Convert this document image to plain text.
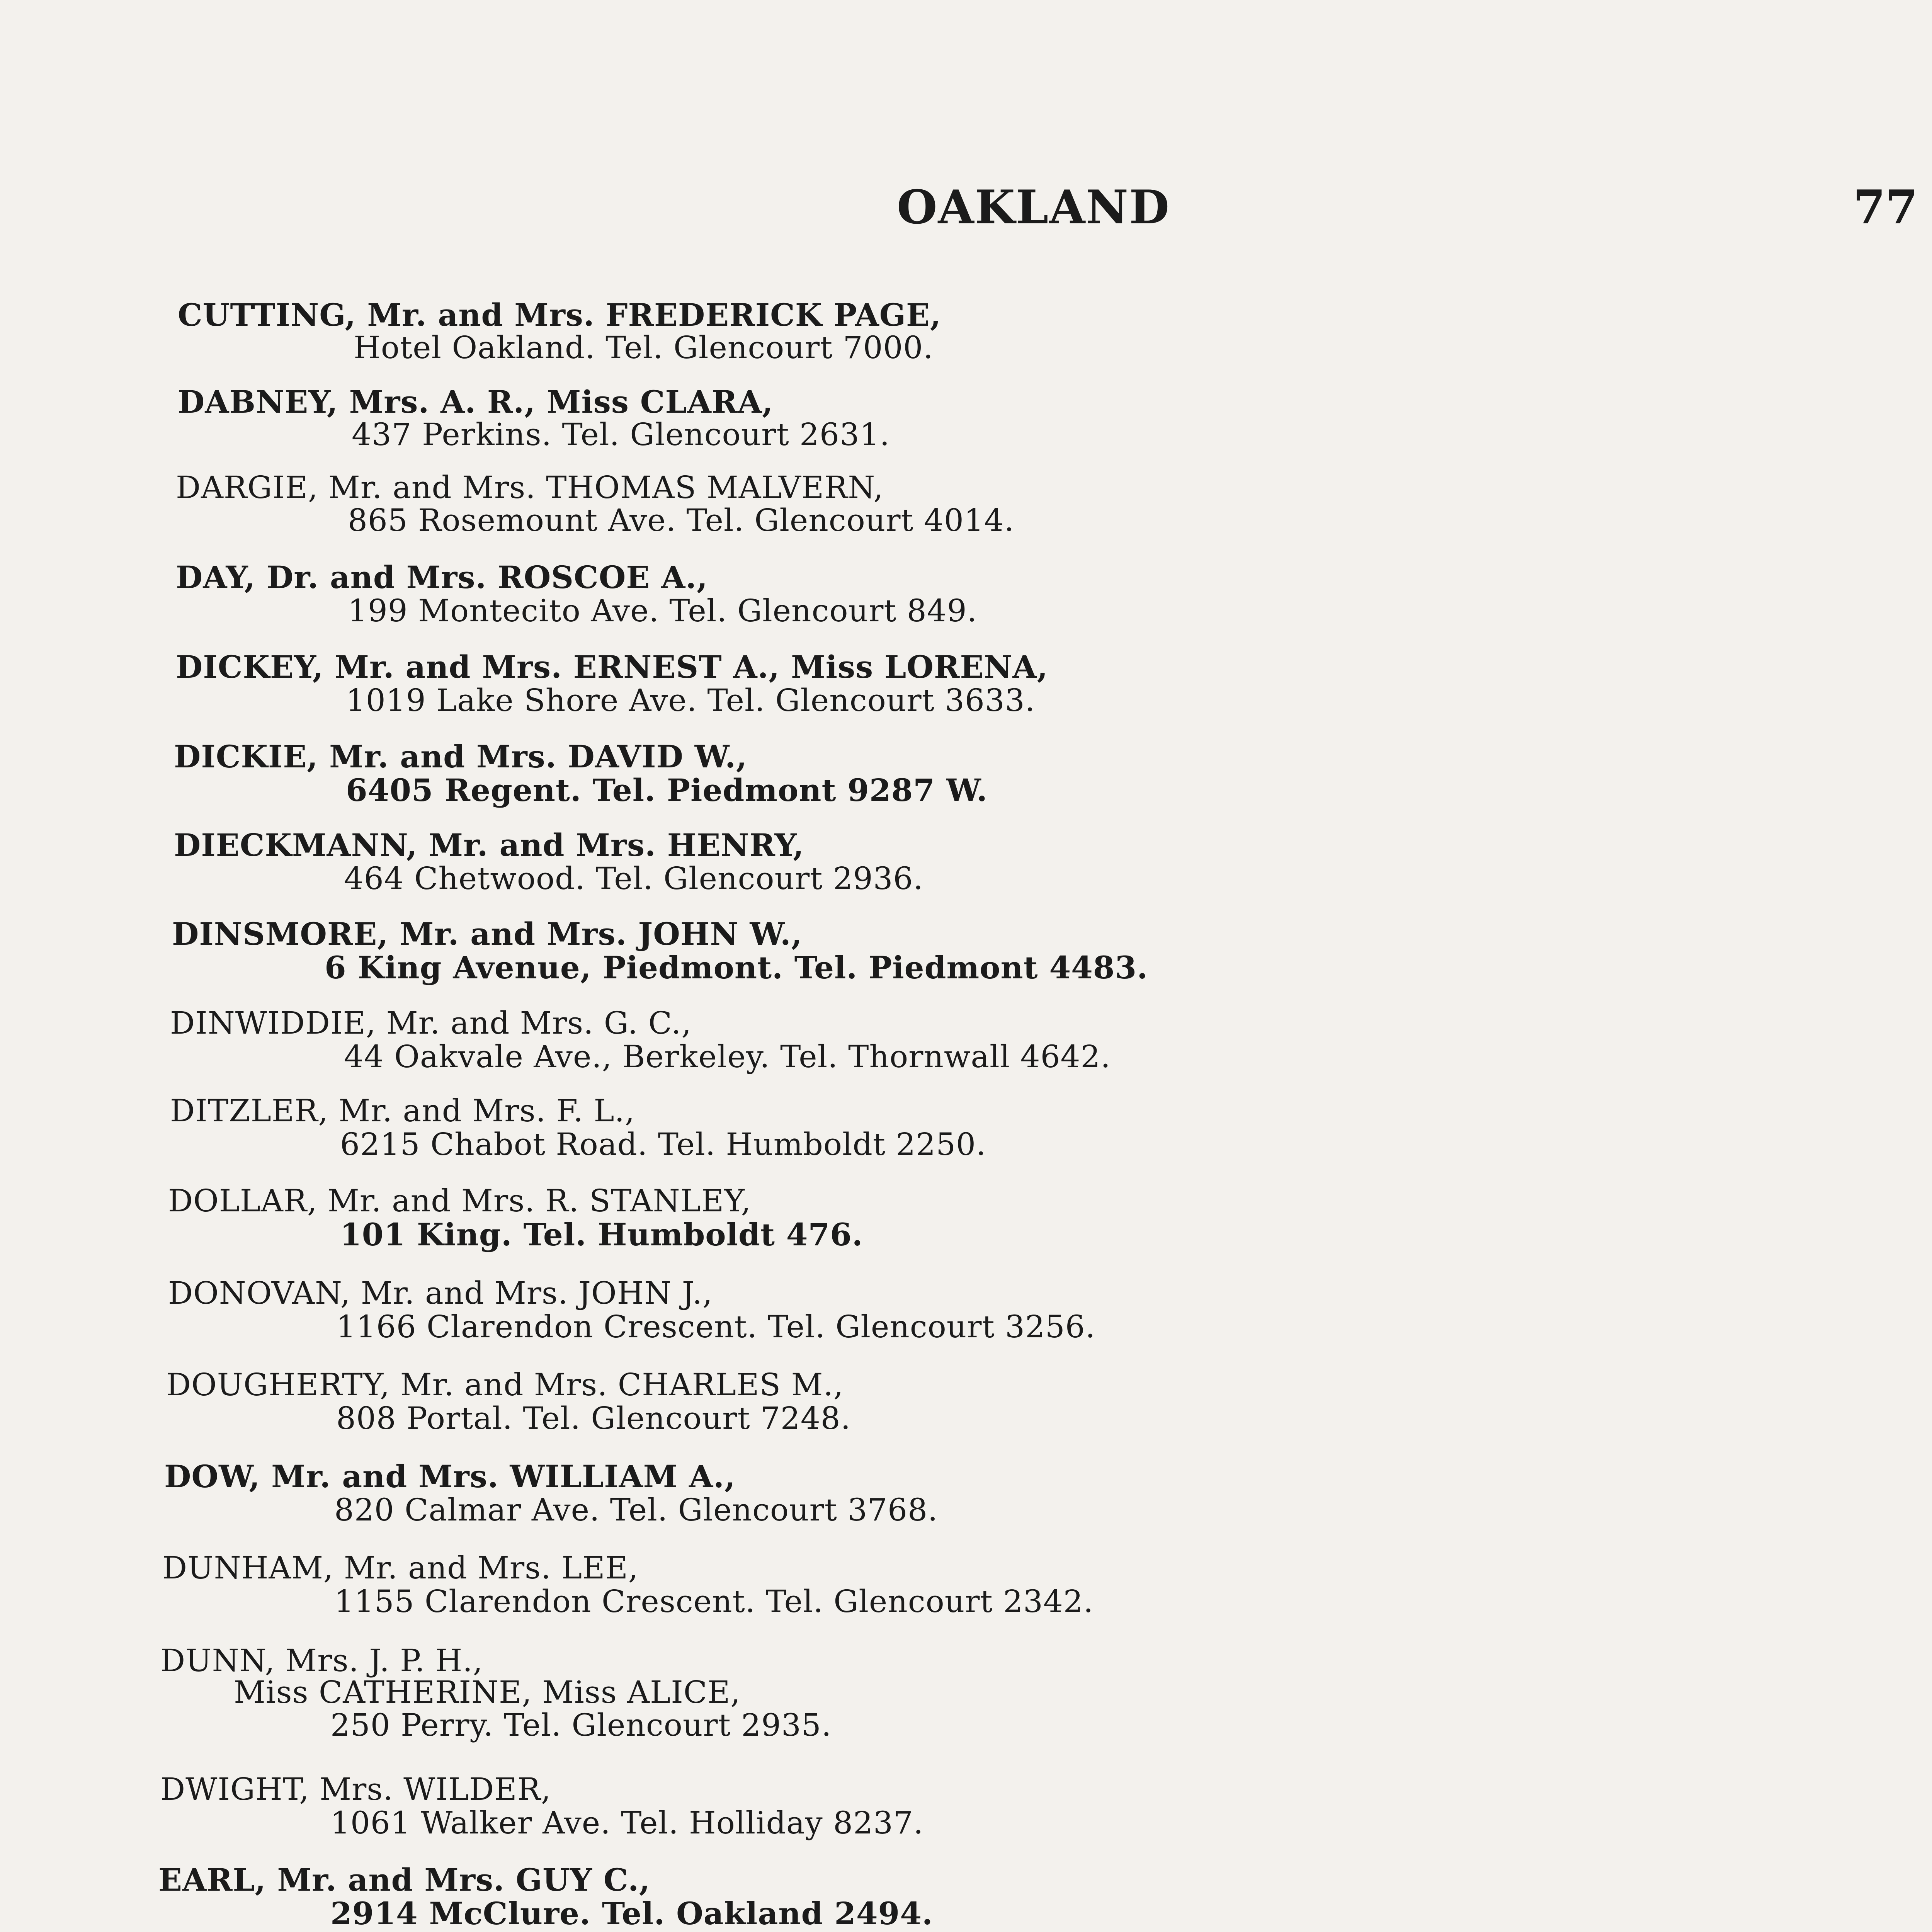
OAKLAND	77
CUTTING, Mr. and Mrs. FREDERICK PAGE,
Hotel Oakland. Tel. Glencourt 7000.
DABNEY, Mrs. A. R., Miss CLARA,
437 Perkins. Tel. Glencourt 2631.
DARGIE, Mr. and Mrs. THOMAS MALVERN,
865 Rosemount Ave. Tel. Glencourt 4014.
DAY, Dr. and Mrs. ROSCOE A.,
199 Montecito Ave. Tel. Glencourt 849.
DICKEY, Mr. and Mrs. ERNEST A., Miss LORENA,
1019 Lake Shore Ave. Tel. Glencourt 3633.
DICKIE, Mr. and Mrs. DAVID W.,
6405 Regent. Tel. Piedmont 9287 W.
DIECKMANN, Mr. and Mrs. HENRY,
464 Chetwood. Tel. Glencourt 2936.
DINSMORE, Mr. and Mrs. JOHN W.,
6 King Avenue, Piedmont. Tel. Piedmont 4483.
DINWIDDIE, Mr. and Mrs. G. C.,
44 Oakvale Ave., Berkeley. Tel. Thornwall 4642.
DITZLER, Mr. and Mrs. F. L.,
6215 Chabot Road. Tel. Humboldt 2250.
DOLLAR, Mr. and Mrs. R. STANLEY,
101 King. Tel. Humboldt 476.
DONOVAN, Mr. and Mrs. JOHN J.,
1166 Clarendon Crescent. Tel. Glencourt 3256.
DOUGHERTY, Mr. and Mrs. CHARLES M.,
808 Portal. Tel. Glencourt 7248.
DOW, Mr. and Mrs. WILLIAM A.,
820 Calmar Ave. Tel. Glencourt 3768.
DUNHAM, Mr. and Mrs. LEE,
1155 Clarendon Crescent. Tel. Glencourt 2342.
DUNN, Mrs. J. P. H.,
Miss CATHERINE, Miss ALICE,
250 Perry. Tel. Glencourt 2935.
DWIGHT, Mrs. WILDER,
1061 Walker Ave. Tel. Holliday 8237.
EARL, Mr. and Mrs. GUY C.,
2914 McClure. Tel. Oakland 2494.
